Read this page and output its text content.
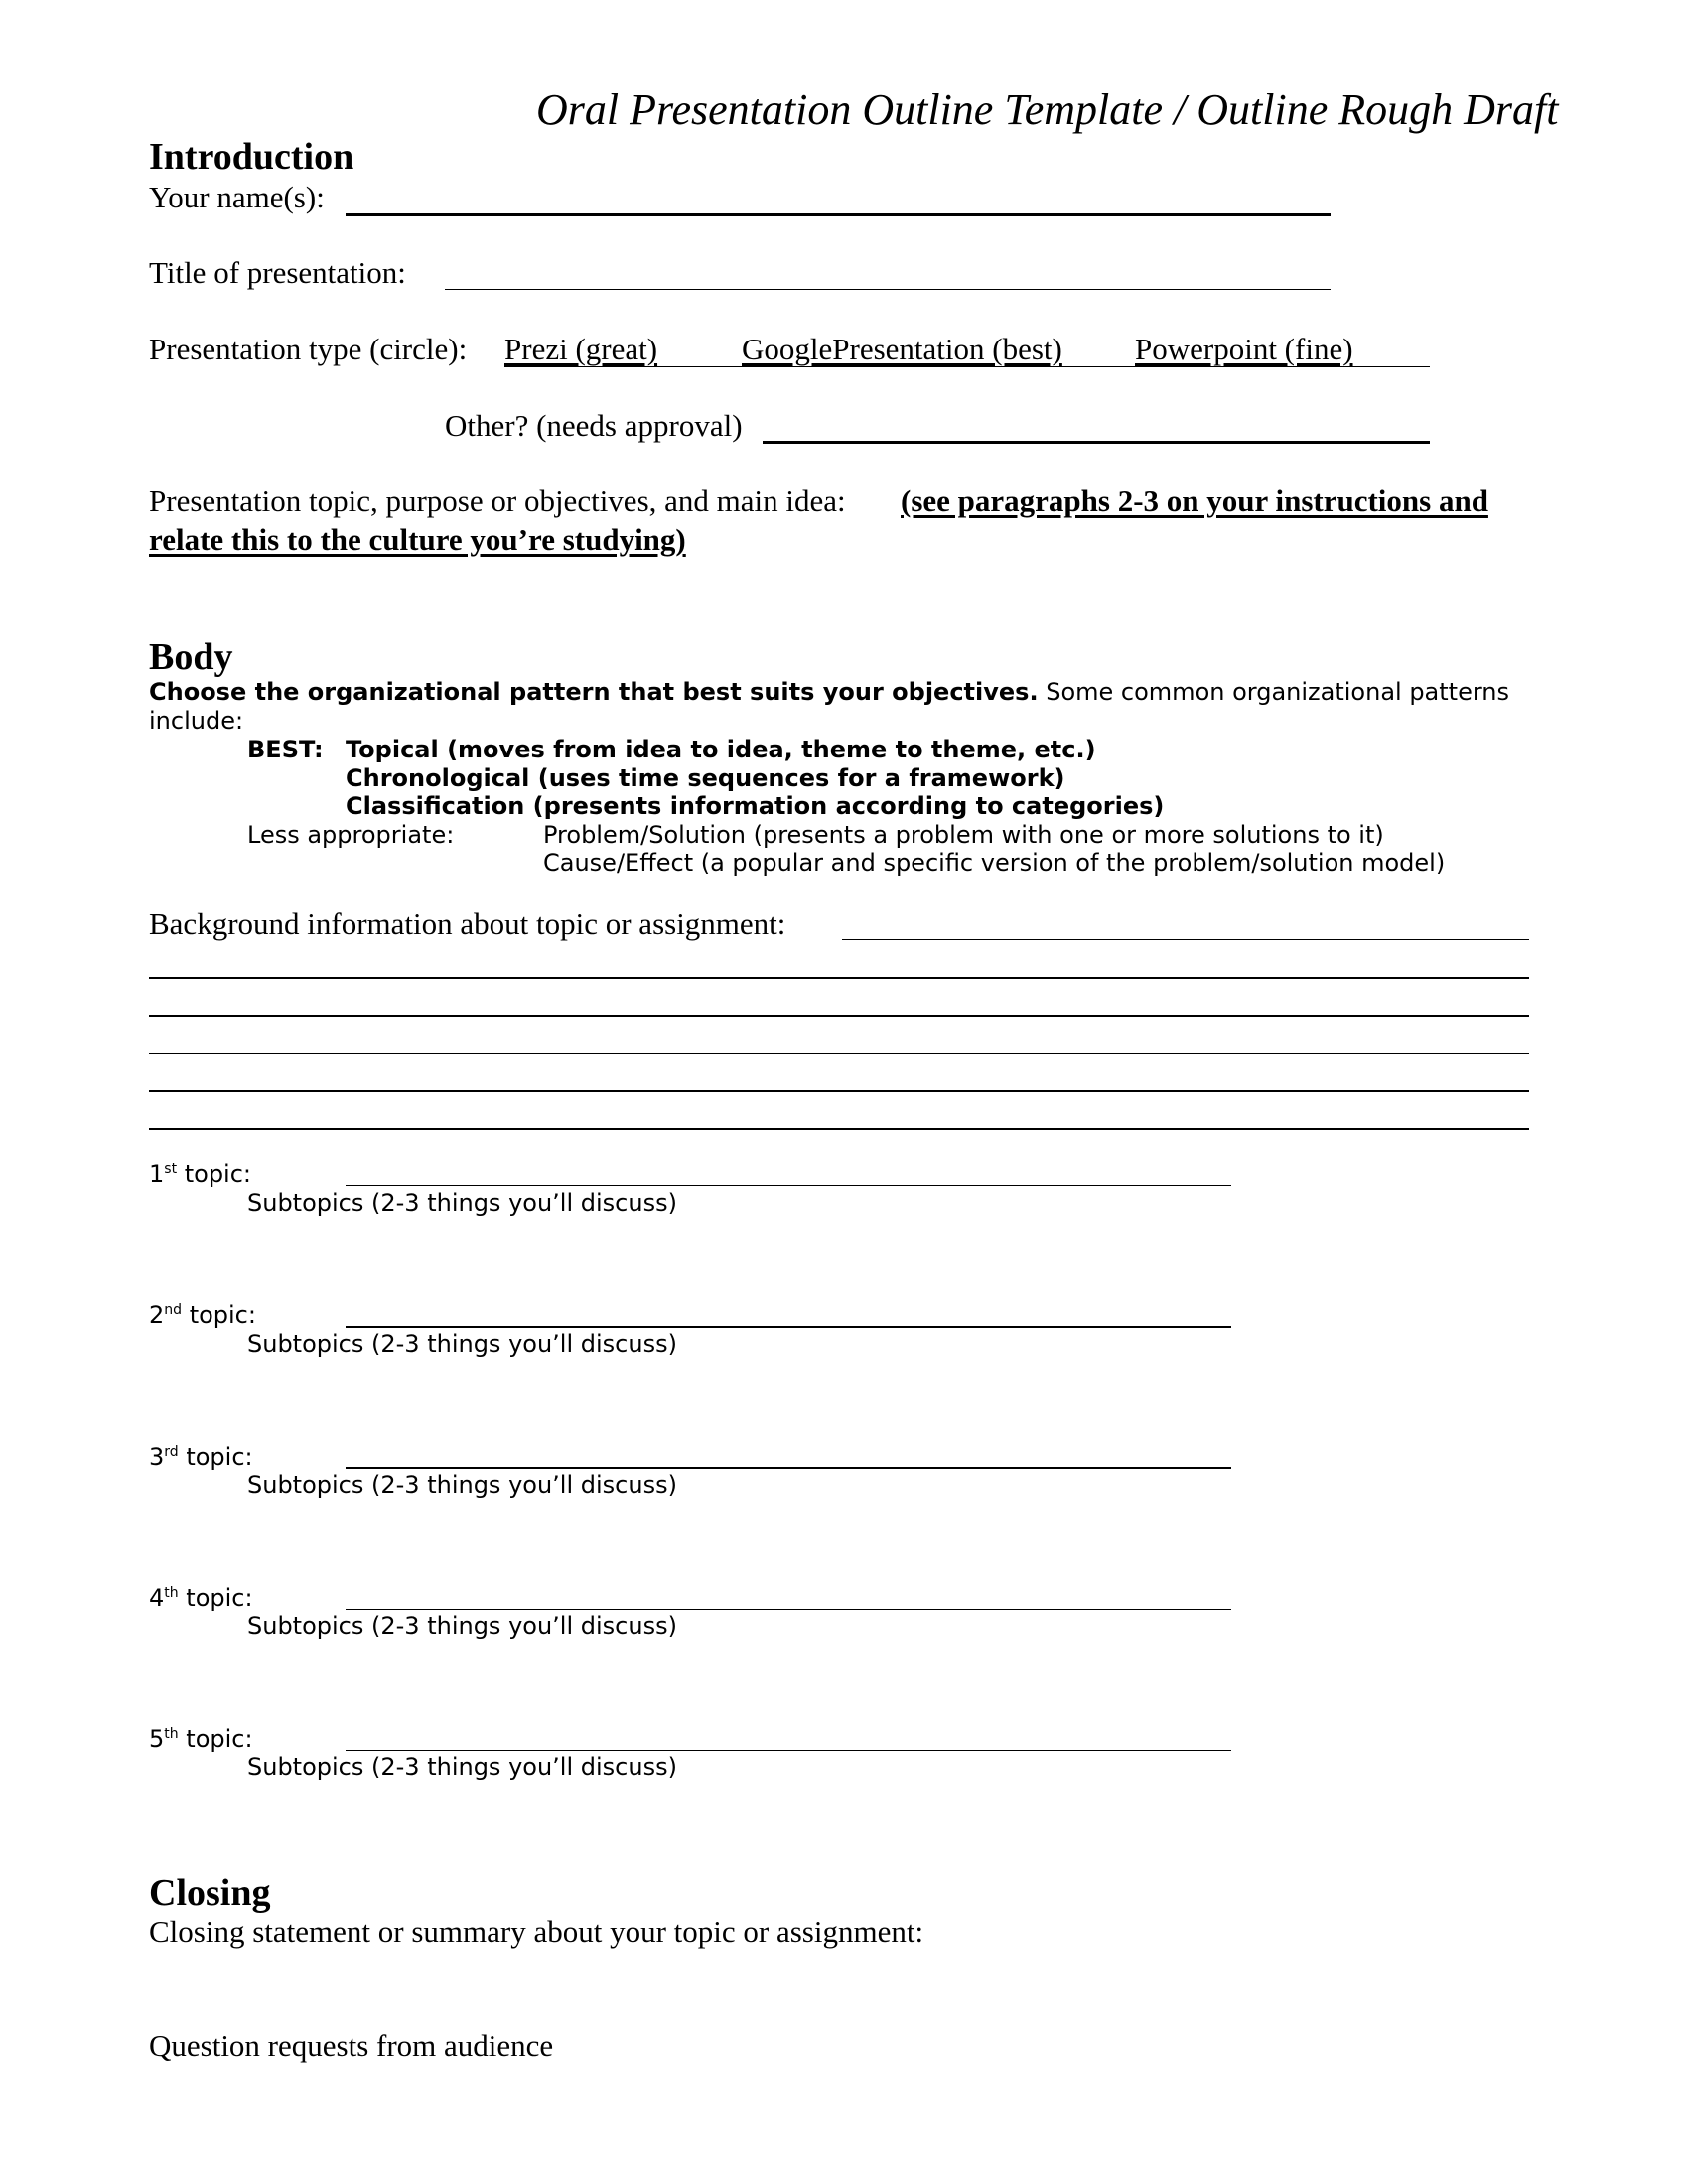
Oral Presentation Outline Template / Outline Rough Draft
Introduction
Your name(s):
Title of presentation:
Presentation type (circle): Prezi (great)	GooglePresentation (best) Powerpoint (fine)
Other? (needs approval)
Presentation topic, purpose or objectives, and main idea: (see paragraphs 2-3 on your instructions and
relate this to the culture you’re studying)
Body
Choose the organizational pattern that best suits your objectives. Some common organizational patterns
include:
BEST: Topical (moves from idea to idea, theme to theme, etc.)
Chronological (uses time sequences for a framework)
Classification (presents information according to categories)
Less appropriate:	Problem/Solution (presents a problem with one or more solutions to it)
Cause/Effect (a popular and specific version of the problem/solution model)
Background information about topic or assignment:
1st topic:
Subtopics (2-3 things you’ll discuss)
2nd topic:
Subtopics (2-3 things you’ll discuss)
3rd topic:
Subtopics (2-3 things you’ll discuss)
4th topic:
Subtopics (2-3 things you’ll discuss)
5th topic:
Subtopics (2-3 things you’ll discuss)
Closing
Closing statement or summary about your topic or assignment:
Question requests from audience
